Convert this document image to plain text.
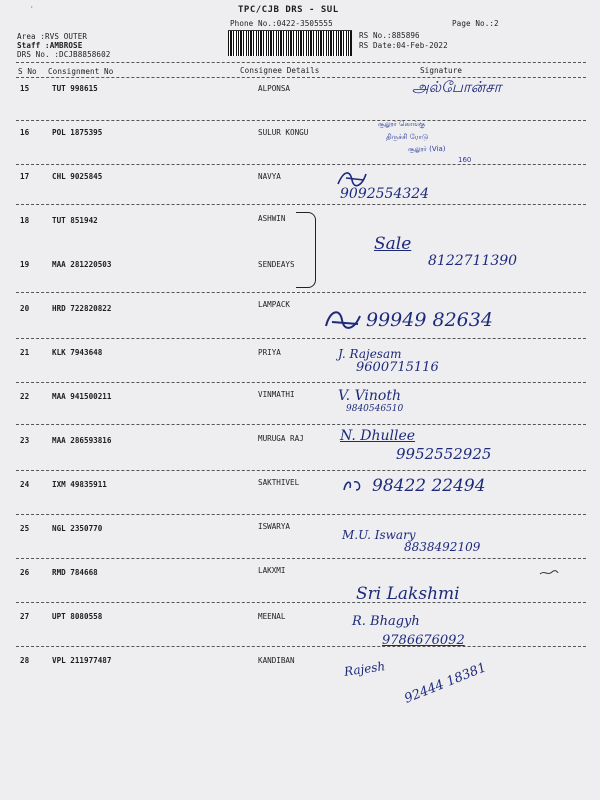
·	TPC/CJB DRS - SUL
Phone No.:0422-3505555	Page No.:2
RS No.:885896
RS Date:04-Feb-2022
Area :RVS OUTER
Staff :AMBROSE
DRS No. :DCJB8858602
S No Consignment No	Consignee Details	Signature
15	TUT 998615	ALPONSA	அல்போன்சா
16	POL 1875395	SULUR KONGU
சூலூர் கொங்கு
திருச்சி ரோடு
சூலூர் (Via)
160
17	CHL 9025845	NAVYA
9092554324
18	TUT 851942	ASHWIN
19	MAA 281220503	SENDEAYS
Sale
8122711390
20	HRD 722820822	LAMPACK
99949 82634
21	KLK 7943648	PRIYA	J. Rajesam
9600715116
22	MAA 941500211	VINMATHI	V. Vinoth
9840546510
23	MAA 286593816	MURUGA RAJ	N. Dhullee
9952552925
24	IXM 49835911	SAKTHIVEL	98422 22494
25	NGL 2350770	ISWARYA
M.U. Iswary
8838492109
26	RMD 784668	LAKXMI
Sri Lakshmi
27	UPT 8080558	MEENAL	R. Bhagyh
9786676092
28	VPL 211977487	KANDIBAN	Rajesh 92444 18381
